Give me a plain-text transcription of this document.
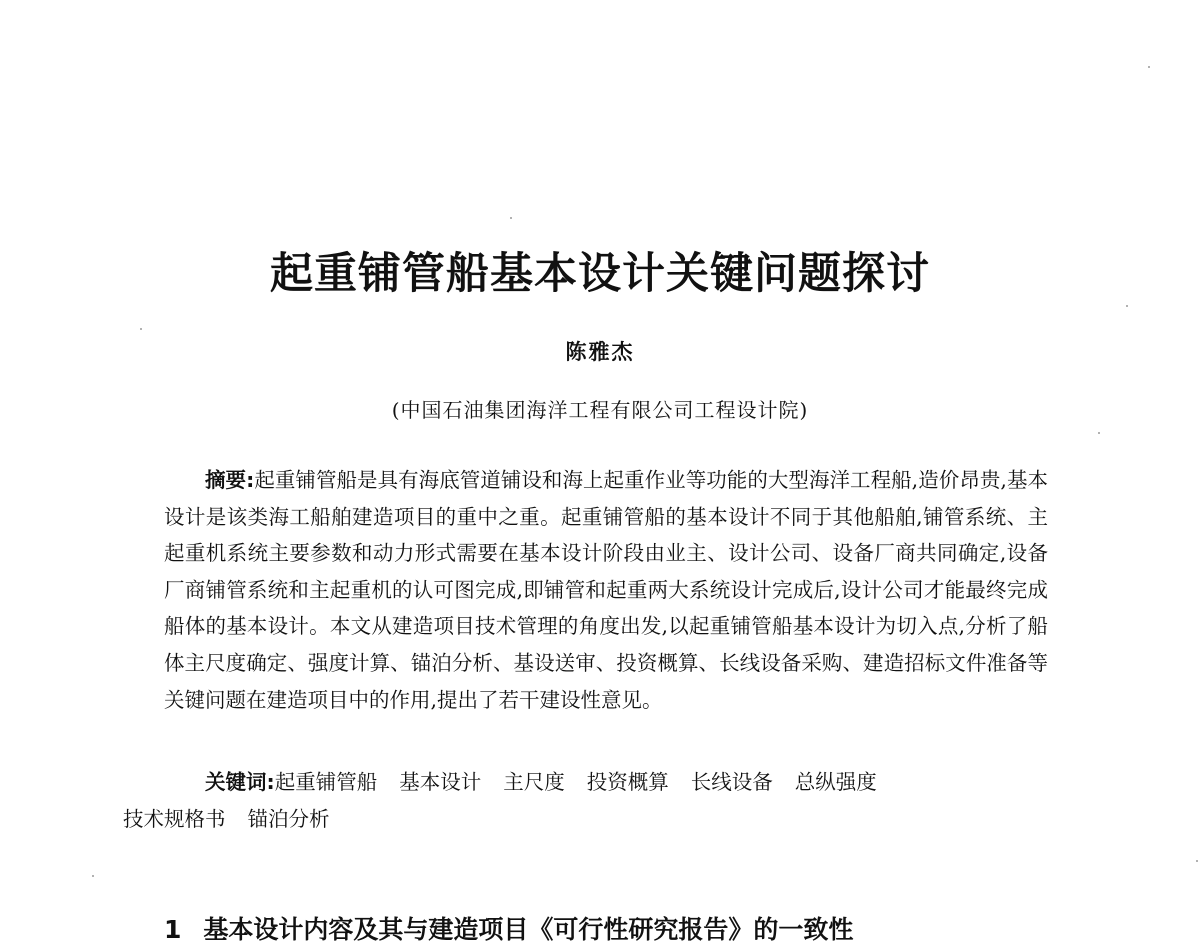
起重铺管船基本设计关键问题探讨
陈雅杰
(中国石油集团海洋工程有限公司工程设计院)

摘要:起重铺管船是具有海底管道铺设和海上起重作业等功能的大型海洋工程船,造价昂贵,基本设计是该类海工船舶建造项目的重中之重。起重铺管船的基本设计不同于其他船舶,铺管系统、主起重机系统主要参数和动力形式需要在基本设计阶段由业主、设计公司、设备厂商共同确定,设备厂商铺管系统和主起重机的认可图完成,即铺管和起重两大系统设计完成后,设计公司才能最终完成船体的基本设计。本文从建造项目技术管理的角度出发,以起重铺管船基本设计为切入点,分析了船体主尺度确定、强度计算、锚泊分析、基设送审、投资概算、长线设备采购、建造招标文件准备等关键问题在建造项目中的作用,提出了若干建设性意见。

关键词:起重铺管船 基本设计 主尺度 投资概算 长线设备 总纵强度
技术规格书 锚泊分析

1 基本设计内容及其与建造项目《可行性研究报告》的一致性
